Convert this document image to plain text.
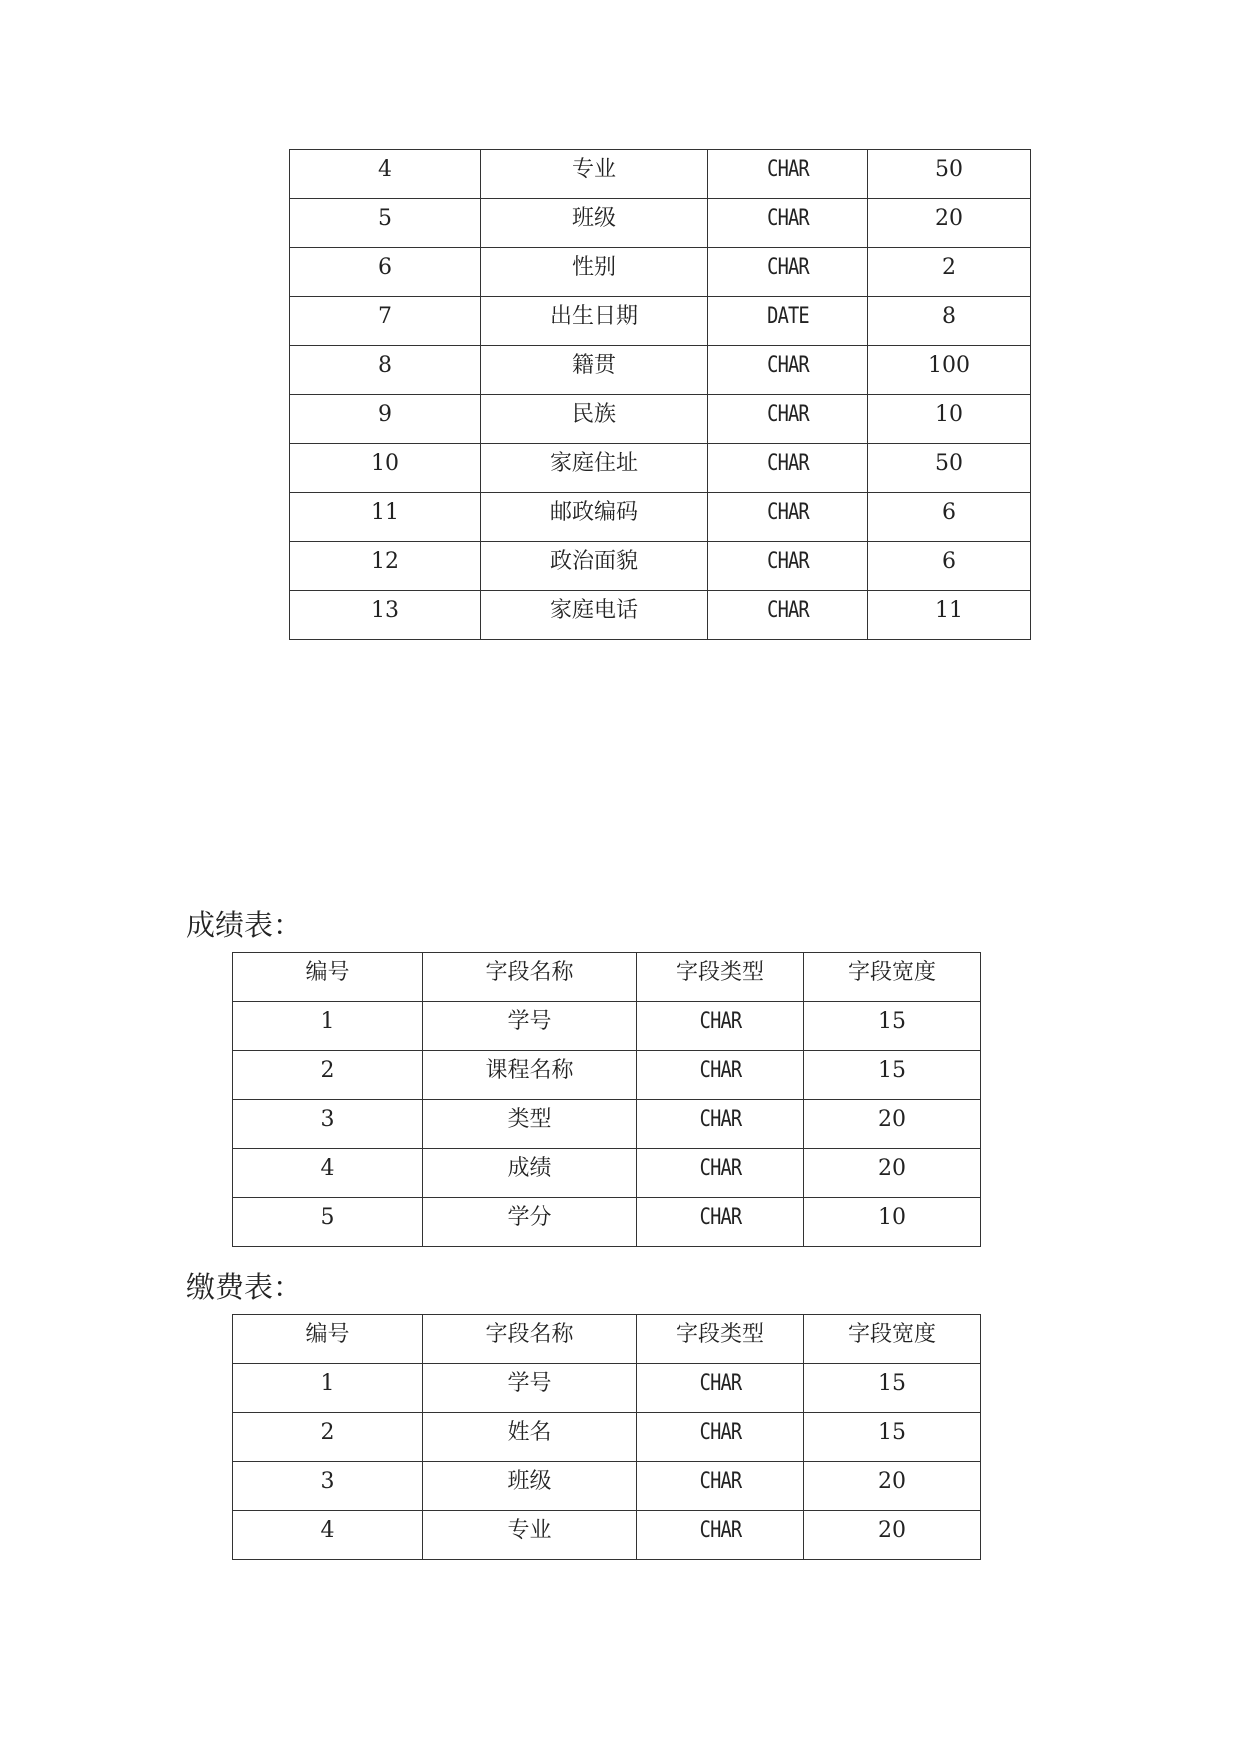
4	专业	CHAR	50
5	班级	CHAR	20
6	性别	CHAR	2
7	出生日期	DATE	8
8	籍贯	CHAR	100
9	民族	CHAR	10
10	家庭住址	CHAR	50
11	邮政编码	CHAR	6
12	政治面貌	CHAR	6
13	家庭电话	CHAR	11
成绩表：
编号	字段名称	字段类型	字段宽度
1	学号	CHAR	15
2	课程名称	CHAR	15
3	类型	CHAR	20
4	成绩	CHAR	20
5	学分	CHAR	10
缴费表：
编号	字段名称	字段类型	字段宽度
1	学号	CHAR	15
2	姓名	CHAR	15
3	班级	CHAR	20
4	专业	CHAR	20
